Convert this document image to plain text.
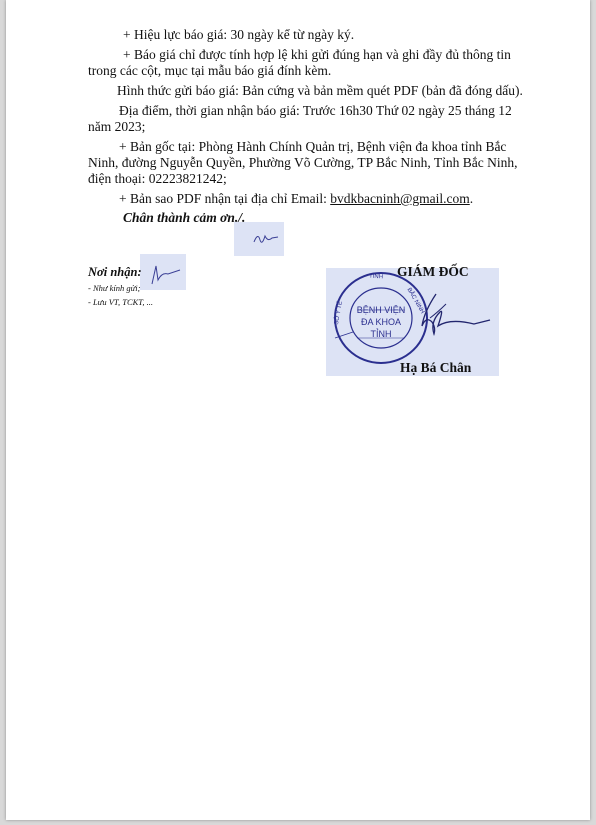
+ Hiệu lực báo giá: 30 ngày kể từ ngày ký.
+ Báo giá chỉ được tính hợp lệ khi gửi đúng hạn và ghi đầy đủ thông tin
trong các cột, mục tại mẫu báo giá đính kèm.
Hình thức gửi báo giá: Bản cứng và bản mềm quét PDF (bản đã đóng dấu).
Địa điểm, thời gian nhận báo giá: Trước 16h30 Thứ 02 ngày 25 tháng 12
năm 2023;
+ Bản gốc tại: Phòng Hành Chính Quản trị, Bệnh viện đa khoa tỉnh Bắc
Ninh, đường Nguyễn Quyền, Phường Võ Cường, TP Bắc Ninh, Tỉnh Bắc Ninh,
điện thoại: 02223821242;
+ Bản sao PDF nhận tại địa chỉ Email: bvdkbacninh@gmail.com.
Chân thành cảm ơn./.
Nơi nhận:
- Như kính gửi;
- Lưu VT, TCKT, ...
GIÁM ĐỐC
TỈNH
BẮC NINH
SỞ Y TẾ	BỆNH VIỆN
ĐA KHOA
TỈNH
Hạ Bá Chân
